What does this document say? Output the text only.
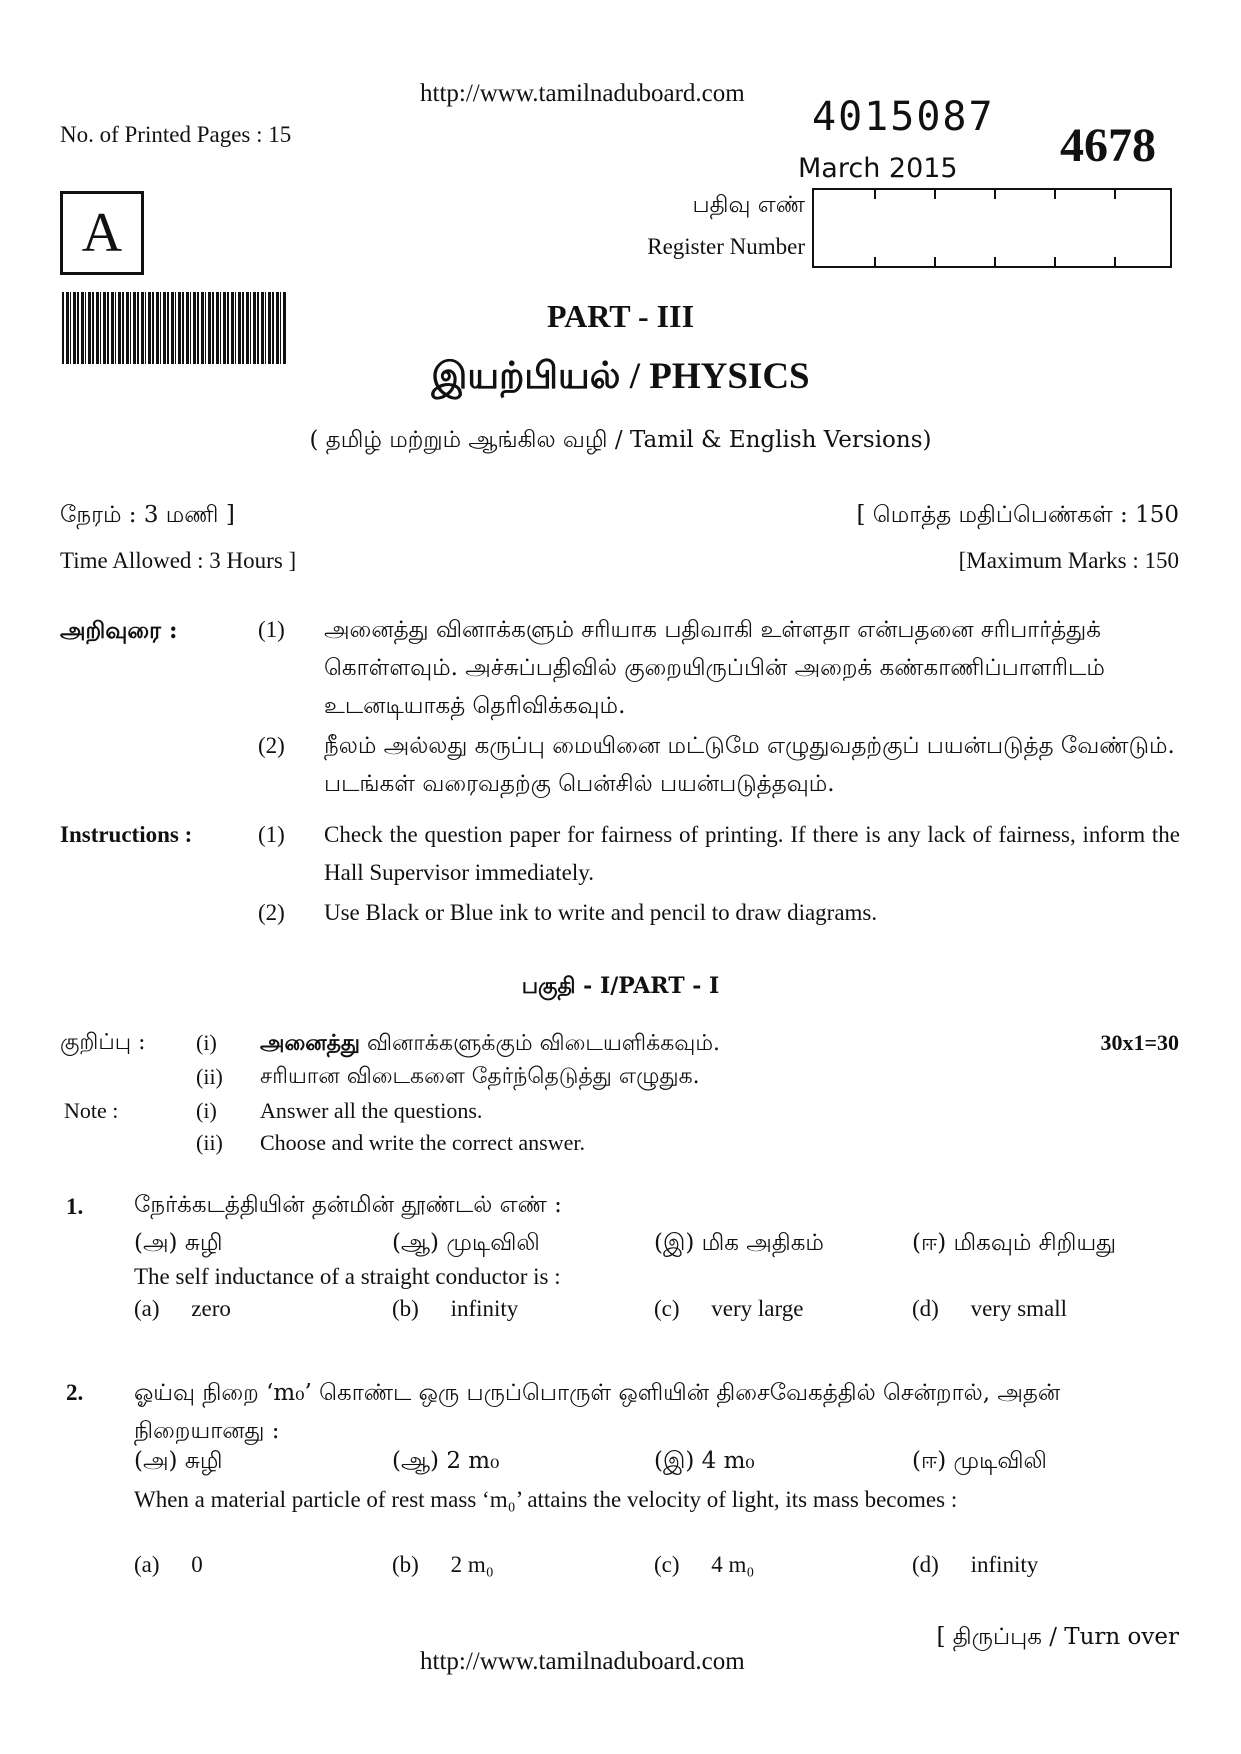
http://www.tamilnaduboard.com
No. of Printed Pages : 15	4015087
March 2015 4678
A	பதிவு எண்
Register Number
PART - III
இயற்பியல் / PHYSICS
( தமிழ் மற்றும் ஆங்கில வழி / Tamil & English Versions)
நேரம் : 3 மணி ]
Time Allowed : 3 Hours ]
[ மொத்த மதிப்பெண்கள் : 150
[Maximum Marks : 150
அறிவுரை :	(1) அனைத்து வினாக்களும் சரியாக பதிவாகி உள்ளதா என்பதனை சரிபார்த்துக் கொள்ளவும். அச்சுப்பதிவில் குறையிருப்பின் அறைக் கண்காணிப்பாளரிடம் உடனடியாகத் தெரிவிக்கவும்.
(2) நீலம் அல்லது கருப்பு மையினை மட்டுமே எழுதுவதற்குப் பயன்படுத்த வேண்டும். படங்கள் வரைவதற்கு பென்சில் பயன்படுத்தவும்.
Instructions :	(1) Check the question paper for fairness of printing. If there is any lack of fairness, inform the Hall Supervisor immediately.
(2) Use Black or Blue ink to write and pencil to draw diagrams.
பகுதி - I/PART - I
குறிப்பு : (i) அனைத்து வினாக்களுக்கும் விடையளிக்கவும்.	30x1=30
(ii) சரியான விடைகளை தேர்ந்தெடுத்து எழுதுக.
Note :	(i) Answer all the questions.
(ii) Choose and write the correct answer.
1. நேர்க்கடத்தியின் தன்மின் தூண்டல் எண் :
(அ) சுழி	(ஆ) முடிவிலி	(இ) மிக அதிகம்	(ஈ) மிகவும் சிறியது
The self inductance of a straight conductor is :
(a) zero	(b) infinity	(c) very large	(d) very small
2. ஓய்வு நிறை ‘m₀’ கொண்ட ஒரு பருப்பொருள் ஒளியின் திசைவேகத்தில் சென்றால், அதன் நிறையானது :
(அ) சுழி	(ஆ) 2 m₀	(இ) 4 m₀	(ஈ) முடிவிலி
When a material particle of rest mass ‘m₀’ attains the velocity of light, its mass becomes :
(a) 0	(b) 2 m₀	(c) 4 m₀	(d) infinity
[ திருப்புக / Turn over
http://www.tamilnaduboard.com
